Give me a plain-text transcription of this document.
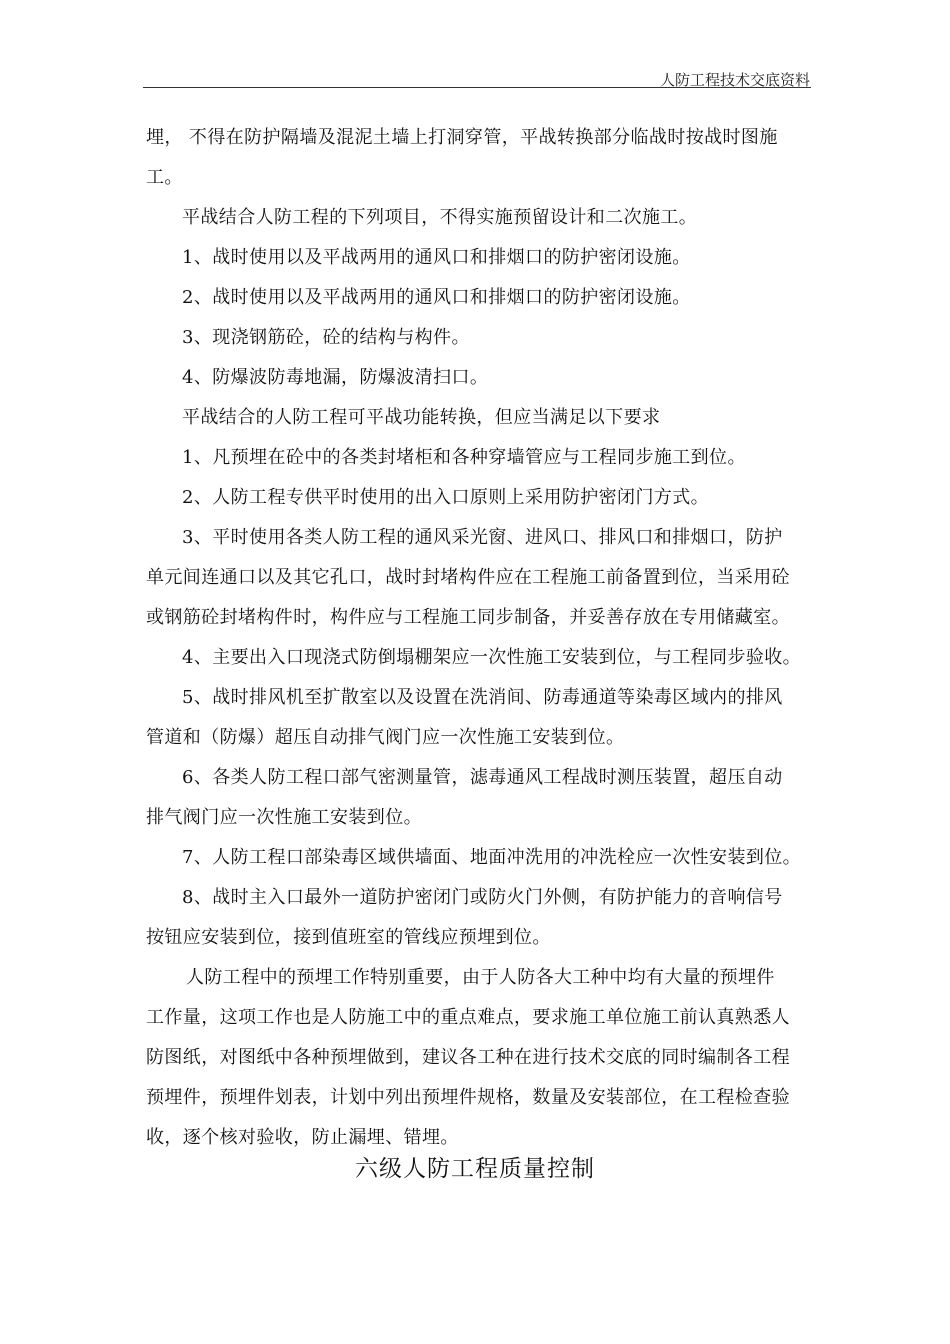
人防工程技术交底资料
埋， 不得在防护隔墙及混泥土墙上打洞穿管，平战转换部分临战时按战时图施
工。
平战结合人防工程的下列项目，不得实施预留设计和二次施工。
1、战时使用以及平战两用的通风口和排烟口的防护密闭设施。
2、战时使用以及平战两用的通风口和排烟口的防护密闭设施。
3、现浇钢筋砼，砼的结构与构件。
4、防爆波防毒地漏，防爆波清扫口。
平战结合的人防工程可平战功能转换，但应当满足以下要求
1、凡预埋在砼中的各类封堵柜和各种穿墙管应与工程同步施工到位。
2、人防工程专供平时使用的出入口原则上采用防护密闭门方式。
3、平时使用各类人防工程的通风采光窗、进风口、排风口和排烟口，防护
单元间连通口以及其它孔口，战时封堵构件应在工程施工前备置到位，当采用砼
或钢筋砼封堵构件时，构件应与工程施工同步制备，并妥善存放在专用储藏室。
4、主要出入口现浇式防倒塌棚架应一次性施工安装到位，与工程同步验收。
5、战时排风机至扩散室以及设置在洗消间、防毒通道等染毒区域内的排风
管道和（防爆）超压自动排气阀门应一次性施工安装到位。
6、各类人防工程口部气密测量管，滤毒通风工程战时测压装置，超压自动
排气阀门应一次性施工安装到位。
7、人防工程口部染毒区域供墙面、地面冲洗用的冲洗栓应一次性安装到位。
8、战时主入口最外一道防护密闭门或防火门外侧，有防护能力的音响信号
按钮应安装到位，接到值班室的管线应预埋到位。
人防工程中的预埋工作特别重要，由于人防各大工种中均有大量的预埋件
工作量，这项工作也是人防施工中的重点难点，要求施工单位施工前认真熟悉人
防图纸，对图纸中各种预埋做到，建议各工种在进行技术交底的同时编制各工程
预埋件，预埋件划表，计划中列出预埋件规格，数量及安装部位，在工程检查验
收，逐个核对验收，防止漏埋、错埋。
六级人防工程质量控制
